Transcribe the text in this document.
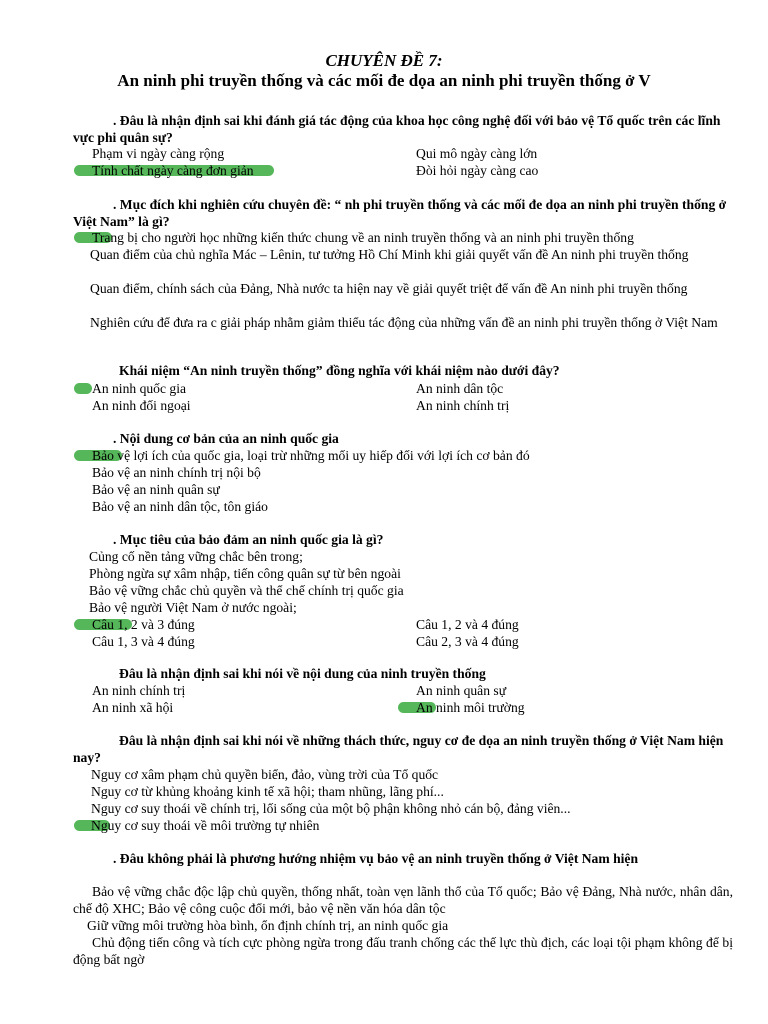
CHUYÊN ĐỀ 7:
An ninh phi truyền thống và các mối đe dọa an ninh phi truyền thống ở V
. Đâu là nhận định sai khi đánh giá tác động của khoa học công nghệ đối với bảo vệ Tổ quốc trên các lĩnh vực phi quân sự?
Phạm vi ngày càng rộng	Qui mô ngày càng lớn
Tính chất ngày càng đơn giản	Đòi hỏi ngày càng cao
. Mục đích khi nghiên cứu chuyên đề: “ nh phi truyền thống và các mối đe dọa an ninh phi truyền thống ở Việt Nam” là gì?
Trang bị cho người học những kiến thức chung về an ninh truyền thống và an ninh phi truyền thống
Quan điểm của chủ nghĩa Mác – Lênin, tư tưởng Hồ Chí Minh khi giải quyết vấn đề An ninh phi truyền thống
Quan điểm, chính sách của Đảng, Nhà nước ta hiện nay về giải quyết triệt để vấn đề An ninh phi truyền thống
Nghiên cứu để đưa ra c giải pháp nhằm giảm thiểu tác động của những vấn đề an ninh phi truyền thống ở Việt Nam
Khái niệm “An ninh truyền thống” đồng nghĩa với khái niệm nào dưới đây?
An ninh quốc gia	An ninh dân tộc
An ninh đối ngoại	An ninh chính trị
. Nội dung cơ bản của an ninh quốc gia
Bảo vệ lợi ích của quốc gia, loại trừ những mối uy hiếp đối với lợi ích cơ bản đó
Bảo vệ an ninh chính trị nội bộ
Bảo vệ an ninh quân sự
Bảo vệ an ninh dân tộc, tôn giáo
. Mục tiêu của bảo đảm an ninh quốc gia là gì?
Củng cố nền tảng vững chắc bên trong;
Phòng ngừa sự xâm nhập, tiến công quân sự từ bên ngoài
Bảo vệ vững chắc chủ quyền và thể chế chính trị quốc gia
Bảo vệ người Việt Nam ở nước ngoài;
Câu 1, 2 và 3 đúng	Câu 1, 2 và 4 đúng
Câu 1, 3 và 4 đúng	Câu 2, 3 và 4 đúng
Đâu là nhận định sai khi nói về nội dung của ninh truyền thống
An ninh chính trị	An ninh quân sự
An ninh xã hội	An ninh môi trường
Đâu là nhận định sai khi nói về những thách thức, nguy cơ đe dọa an ninh truyền thống ở Việt Nam hiện nay?
Nguy cơ xâm phạm chủ quyền biển, đảo, vùng trời của Tổ quốc
Nguy cơ từ khủng khoảng kinh tế xã hội; tham nhũng, lãng phí...
Nguy cơ suy thoái về chính trị, lối sống của một bộ phận không nhỏ cán bộ, đảng viên...
Nguy cơ suy thoái về môi trường tự nhiên
. Đâu không phải là phương hướng nhiệm vụ bảo vệ an ninh truyền thống ở Việt Nam hiện
Bảo vệ vững chắc độc lập chủ quyền, thống nhất, toàn vẹn lãnh thổ của Tổ quốc; Bảo vệ Đảng, Nhà nước, nhân dân, chế độ XHC; Bảo vệ công cuộc đổi mới, bảo vệ nền văn hóa dân tộc
Giữ vững môi trường hòa bình, ổn định chính trị, an ninh quốc gia
Chủ động tiến công và tích cực phòng ngừa trong đấu tranh chống các thế lực thù địch, các loại tội phạm không để bị động bất ngờ
